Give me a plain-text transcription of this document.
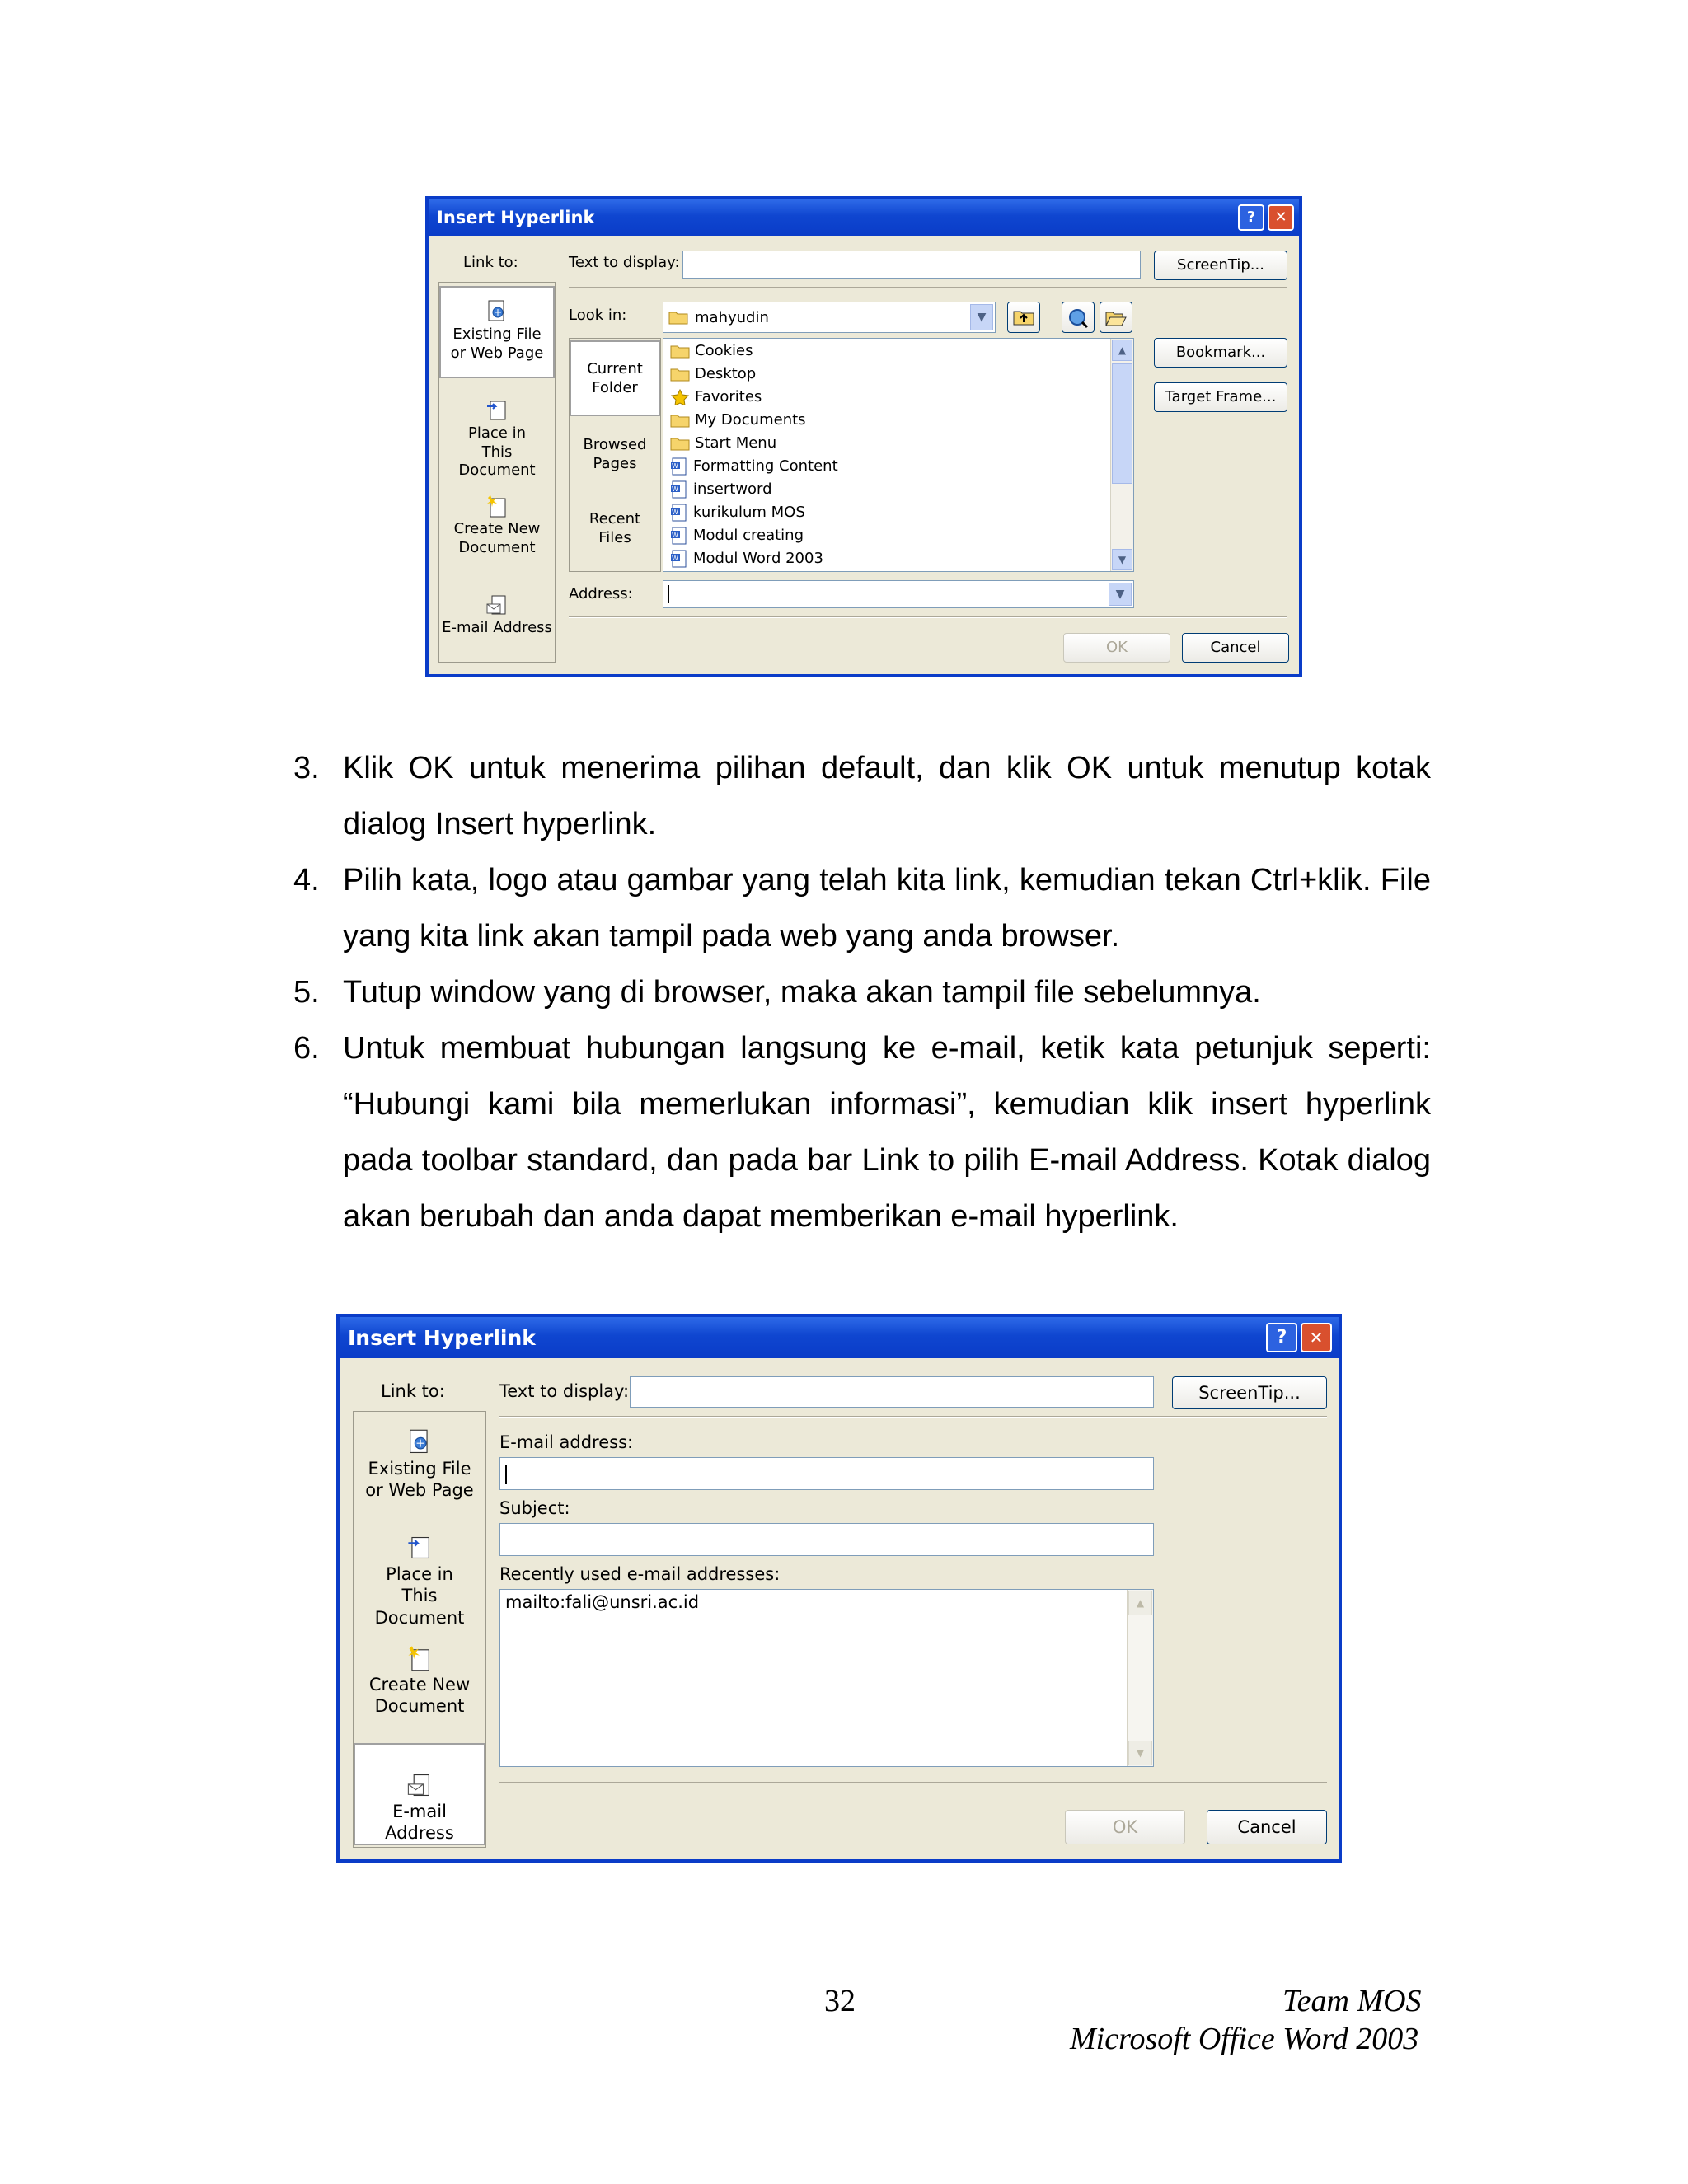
Insert Hyperlink	?	✕
Link to:	Text to display:	ScreenTip...
Existing File or Web Page
Place in This Document
Create New Document
E-mail Address
Look in:	mahyudin	▼
Current Folder
Browsed Pages
Recent Files
Cookies
Desktop
Favorites
My Documents
Start Menu
W Formatting Content
W insertword
W kurikulum MOS
W Modul creating
W Modul Word 2003
▲
▼
Bookmark...
Target Frame...
Address:	▼
OK	Cancel
3. Klik OK untuk menerima pilihan default, dan klik OK untuk menutup kotak dialog Insert hyperlink.
4. Pilih kata, logo atau gambar yang telah kita link, kemudian tekan Ctrl+klik. File yang kita link akan tampil pada web yang anda browser.
5. Tutup window yang di browser, maka akan tampil file sebelumnya.
6. Untuk membuat hubungan langsung ke e-mail, ketik kata petunjuk seperti: “Hubungi kami bila memerlukan informasi”, kemudian klik insert hyperlink pada toolbar standard, dan pada bar Link to pilih E-mail Address. Kotak dialog akan berubah dan anda dapat memberikan e-mail hyperlink.
Insert Hyperlink	?	✕
Link to:	Text to display:	ScreenTip...
Existing File or Web Page
Place in This Document
Create New Document
E-mail Address
E-mail address:
Subject:
Recently used e-mail addresses:
mailto:fali@unsri.ac.id	▲
▼
OK	Cancel
32	Team MOS
Microsoft Office Word 2003
